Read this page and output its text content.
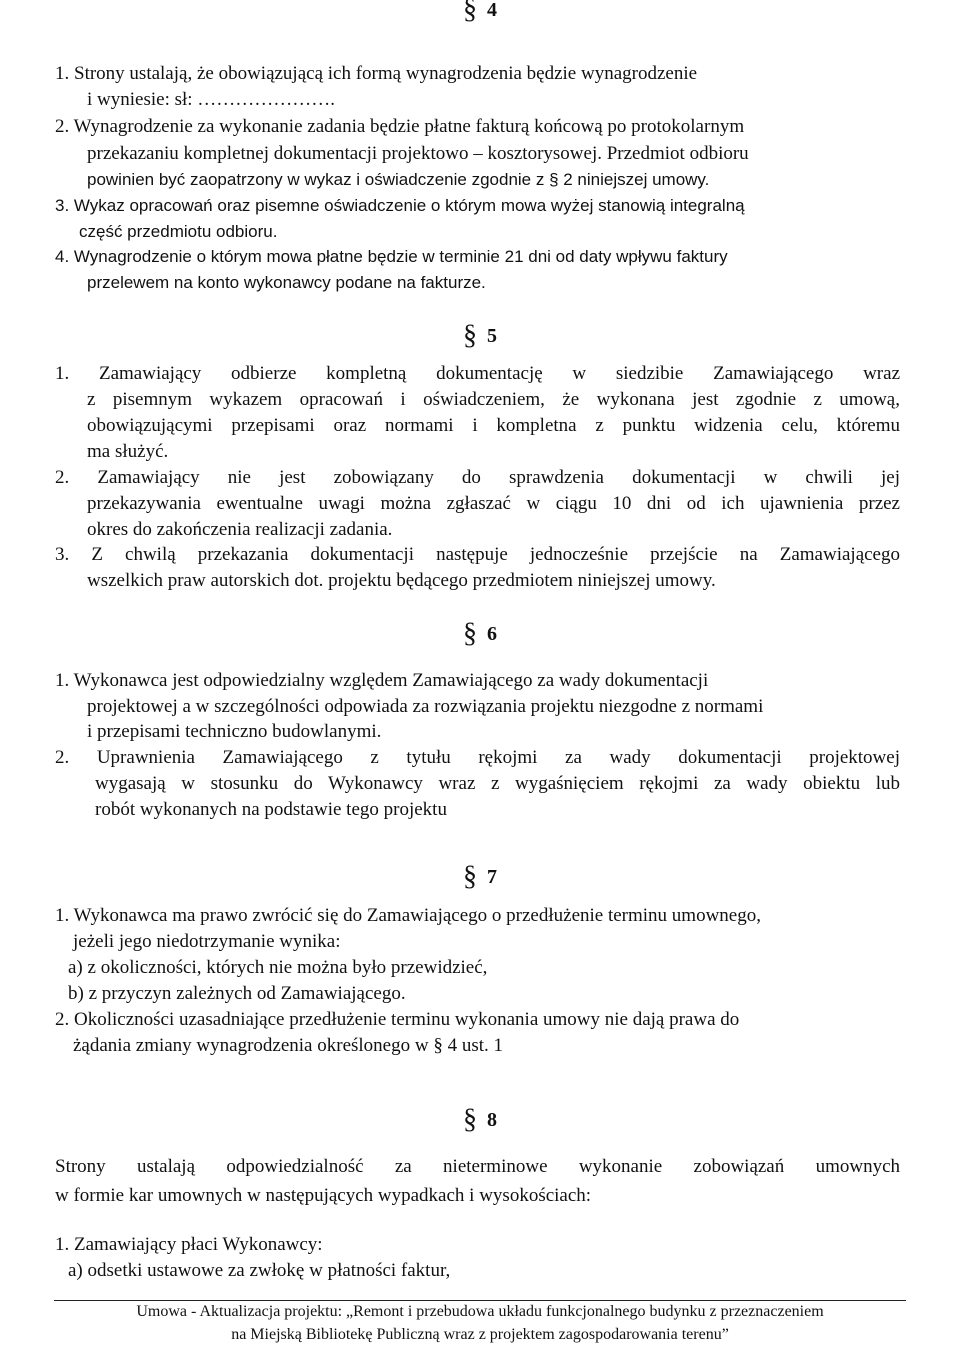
§ 4
1. Strony ustalają, że obowiązującą ich formą wynagrodzenia będzie wynagrodzenie
i wyniesie: sł: ………………….
2. Wynagrodzenie za wykonanie zadania będzie płatne fakturą końcową po protokolarnym
przekazaniu kompletnej dokumentacji projektowo – kosztorysowej. Przedmiot odbioru
powinien być zaopatrzony w wykaz i oświadczenie zgodnie z § 2 niniejszej umowy.
3. Wykaz opracowań oraz pisemne oświadczenie o którym mowa wyżej stanowią integralną
część przedmiotu odbioru.
4. Wynagrodzenie o którym mowa płatne będzie w terminie 21 dni od daty wpływu faktury
przelewem na konto wykonawcy podane na fakturze.
§ 5
1. Zamawiający odbierze kompletną dokumentację w siedzibie Zamawiającego wraz
z pisemnym wykazem opracowań i oświadczeniem, że wykonana jest zgodnie z umową,
obowiązującymi przepisami oraz normami i kompletna z punktu widzenia celu, któremu
ma służyć.
2. Zamawiający nie jest zobowiązany do sprawdzenia dokumentacji w chwili jej
przekazywania ewentualne uwagi można zgłaszać w ciągu 10 dni od ich ujawnienia przez
okres do zakończenia realizacji zadania.
3. Z chwilą przekazania dokumentacji następuje jednocześnie przejście na Zamawiającego
wszelkich praw autorskich dot. projektu będącego przedmiotem niniejszej umowy.
§ 6
1. Wykonawca jest odpowiedzialny względem Zamawiającego za wady dokumentacji
projektowej a w szczególności odpowiada za rozwiązania projektu niezgodne z normami
i przepisami techniczno budowlanymi.
2. Uprawnienia Zamawiającego z tytułu rękojmi za wady dokumentacji projektowej
wygasają w stosunku do Wykonawcy wraz z wygaśnięciem rękojmi za wady obiektu lub
robót wykonanych na podstawie tego projektu
§ 7
1. Wykonawca ma prawo zwrócić się do Zamawiającego o przedłużenie terminu umownego,
jeżeli jego niedotrzymanie wynika:
a) z okoliczności, których nie można było przewidzieć,
b) z przyczyn zależnych od Zamawiającego.
2. Okoliczności uzasadniające przedłużenie terminu wykonania umowy nie dają prawa do
żądania zmiany wynagrodzenia określonego w § 4 ust. 1
§ 8
Strony ustalają odpowiedzialność za nieterminowe wykonanie zobowiązań umownych
w formie kar umownych w następujących wypadkach i wysokościach:
1. Zamawiający płaci Wykonawcy:
a) odsetki ustawowe za zwłokę w płatności faktur,
Umowa - Aktualizacja projektu: „Remont i przebudowa układu funkcjonalnego budynku z przeznaczeniem
na Miejską Bibliotekę Publiczną wraz z projektem zagospodarowania terenu”
